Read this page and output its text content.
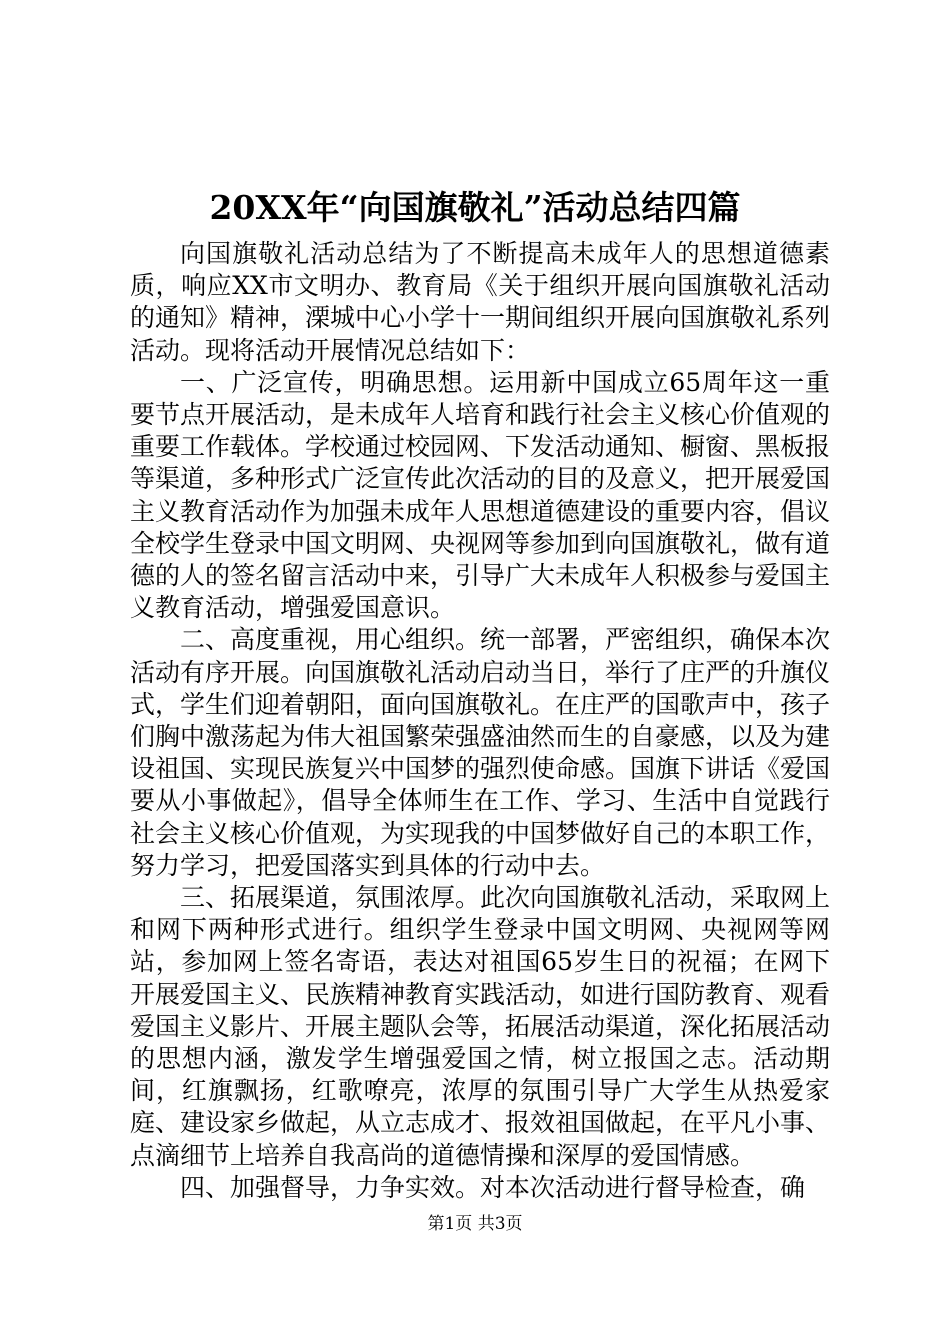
20XX年“向国旗敬礼”活动总结四篇

向国旗敬礼活动总结为了不断提高未成年人的思想道德素质，响应XX市文明办、教育局《关于组织开展向国旗敬礼活动的通知》精神，溧城中心小学十一期间组织开展向国旗敬礼系列活动。现将活动开展情况总结如下：

一、广泛宣传，明确思想。运用新中国成立65周年这一重要节点开展活动，是未成年人培育和践行社会主义核心价值观的重要工作载体。学校通过校园网、下发活动通知、橱窗、黑板报等渠道，多种形式广泛宣传此次活动的目的及意义，把开展爱国主义教育活动作为加强未成年人思想道德建设的重要内容，倡议全校学生登录中国文明网、央视网等参加到向国旗敬礼，做有道德的人的签名留言活动中来，引导广大未成年人积极参与爱国主义教育活动，增强爱国意识。

二、高度重视，用心组织。统一部署，严密组织，确保本次活动有序开展。向国旗敬礼活动启动当日，举行了庄严的升旗仪式，学生们迎着朝阳，面向国旗敬礼。在庄严的国歌声中，孩子们胸中激荡起为伟大祖国繁荣强盛油然而生的自豪感，以及为建设祖国、实现民族复兴中国梦的强烈使命感。国旗下讲话《爱国要从小事做起》，倡导全体师生在工作、学习、生活中自觉践行社会主义核心价值观，为实现我的中国梦做好自己的本职工作，努力学习，把爱国落实到具体的行动中去。

三、拓展渠道，氛围浓厚。此次向国旗敬礼活动，采取网上和网下两种形式进行。组织学生登录中国文明网、央视网等网站，参加网上签名寄语，表达对祖国65岁生日的祝福；在网下开展爱国主义、民族精神教育实践活动，如进行国防教育、观看爱国主义影片、开展主题队会等，拓展活动渠道，深化拓展活动的思想内涵，激发学生增强爱国之情，树立报国之志。活动期间，红旗飘扬，红歌嘹亮，浓厚的氛围引导广大学生从热爱家庭、建设家乡做起，从立志成才、报效祖国做起，在平凡小事、点滴细节上培养自我高尚的道德情操和深厚的爱国情感。

四、加强督导，力争实效。对本次活动进行督导检查，确

第1页 共3页
